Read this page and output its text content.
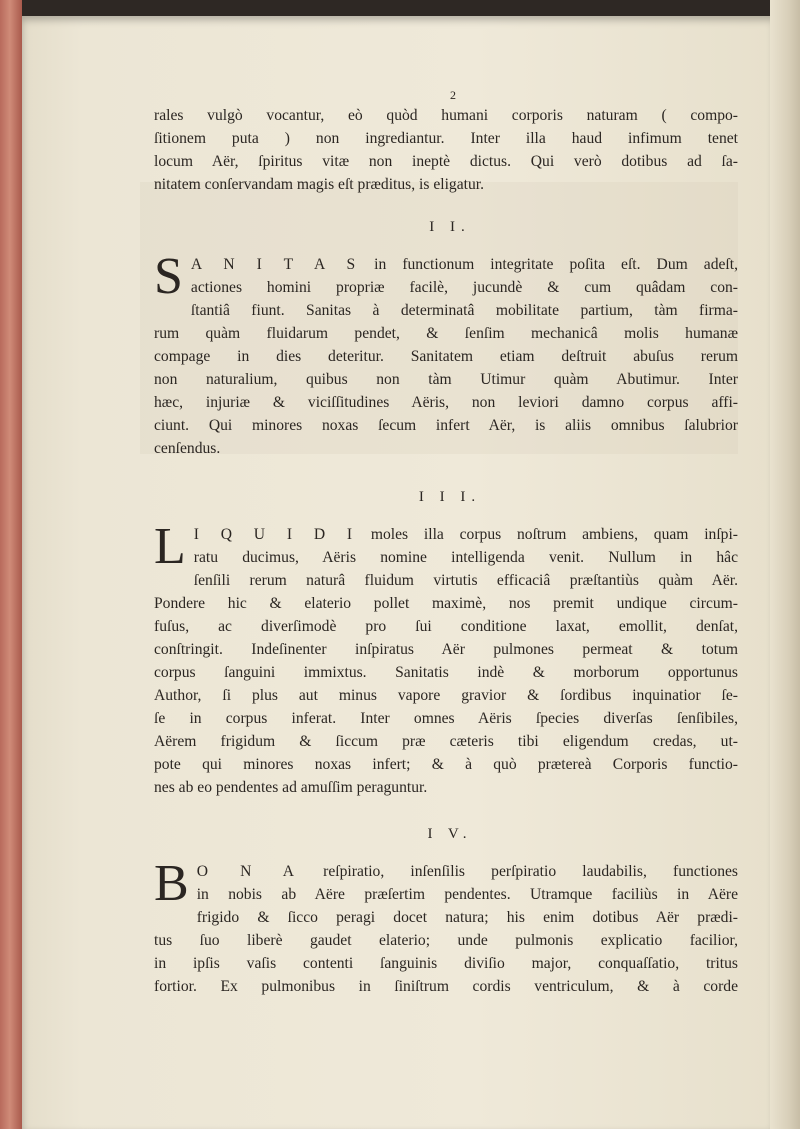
2

rales vulgò vocantur, eò quòd humani corporis naturam ( compo-
ſitionem puta ) non ingrediantur. Inter illa haud infimum tenet
locum Aër, ſpiritus vitæ non ineptè dictus. Qui verò dotibus ad ſa-
nitatem conſervandam magis eſt præditus, is eligatur.

I I.
S A N I T A S in functionum integritate poſita eſt. Dum adeſt,
actiones homini propriæ facilè, jucundè & cum quâdam con-
ſtantiâ fiunt. Sanitas à determinatâ mobilitate partium, tàm firma-
rum quàm fluidarum pendet, & ſenſim mechanicâ molis humanæ
compage in dies deteritur. Sanitatem etiam deſtruit abuſus rerum
non naturalium, quibus non tàm Utimur quàm Abutimur. Inter
hæc, injuriæ & viciſſitudines Aëris, non leviori damno corpus affi-
ciunt. Qui minores noxas ſecum infert Aër, is aliis omnibus ſalubrior
cenſendus.
I I I.
L I Q U I D I moles illa corpus noſtrum ambiens, quam inſpi-
ratu ducimus, Aëris nomine intelligenda venit. Nullum in hâc
ſenſili rerum naturâ fluidum virtutis efficaciâ præſtantiùs quàm Aër.
Pondere hic & elaterio pollet maximè, nos premit undique circum-
fuſus, ac diverſimodè pro ſui conditione laxat, emollit, denſat,
conſtringit. Indeſinenter inſpiratus Aër pulmones permeat & totum
corpus ſanguini immixtus. Sanitatis indè & morborum opportunus
Author, ſi plus aut minus vapore gravior & ſordibus inquinatior ſe-
ſe in corpus inferat. Inter omnes Aëris ſpecies diverſas ſenſibiles,
Aërem frigidum & ſiccum præ cæteris tibi eligendum credas, ut-
pote qui minores noxas infert; & à quò prætereà Corporis functio-
nes ab eo pendentes ad amuſſim peraguntur.
I V.
B O N A reſpiratio, inſenſilis perſpiratio laudabilis, functiones
in nobis ab Aëre præſertim pendentes. Utramque faciliùs in Aëre
frigido & ſicco peragi docet natura; his enim dotibus Aër prædi-
tus ſuo liberè gaudet elaterio; unde pulmonis explicatio facilior,
in ipſis vaſis contenti ſanguinis diviſio major, conquaſſatio, tritus
fortior. Ex pulmonibus in ſiniſtrum cordis ventriculum, & à corde
